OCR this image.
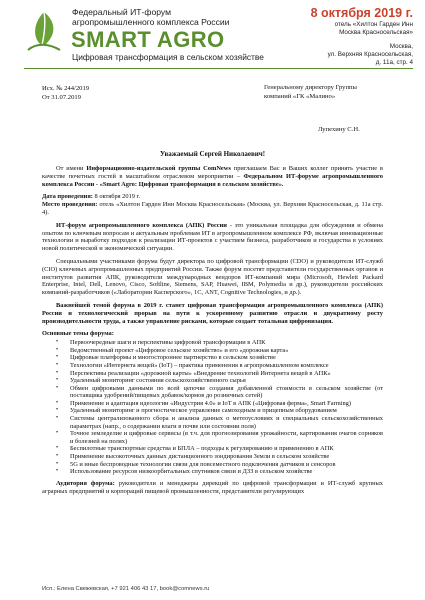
Федеральный ИТ-форум
агропромышленного комплекса России
SMART AGRO
Цифровая трансформация в сельском хозяйстве
8 октября 2019 г.
отель «Хилтон Гарден Инн
Москва Красносельская»
Москва,
ул. Верхняя Красносельская,
д. 11а, стр. 4
Исх. № 244/2019
От 31.07.2019
Генеральному директору Группы компаний «ГК «Малино»
Лупехину С.Н.
Уважаемый Сергей Николаевич!

От имени Информационно-издательской группы ComNews приглашаем Вас и Ваших коллег принять участие в качестве почетных гостей в масштабном отраслевом мероприятии – Федеральном ИТ-форуме агропромышленного комплекса России - «Smart Agro: Цифровая трансформация в сельском хозяйстве».

Дата проведения: 8 октября 2019 г.

Место проведения: отель «Хилтон Гарден Инн Москва Красносельская» (Москва, ул. Верхняя Красносельская, д. 11а стр. 4).

ИТ-форум агропромышленного комплекса (АПК) России - это уникальная площадка для обсуждения и обмена опытом по ключевым вопросам и актуальным проблемам ИТ в агропромышленном комплексе РФ, включая инновационные технологии и выработку подходов к реализации ИТ-проектов с участием бизнеса, разработчиков и государства в условиях новой политической и экономической ситуации.

Специальными участниками форума будут директора по цифровой трансформации (CDO) и руководители ИТ-служб (CIO) ключевых агропромышленных предприятий России. Также форум посетят представители государственных органов и институтов развития АПК, руководители международных вендоров ИТ-компаний мира (Microsoft, Hewlett Packard Enterprise, Intel, Dell, Lenovo, Cisco, Softline, Siemens, SAP, Huawei, IBM, Polymedia и др.), руководители российских компаний-разработчиков («Лаборатории Касперского», 1С, ANT, Cognitive Technologies, и др.).

Важнейшей темой форума в 2019 г. станет цифровая трансформация агропромышленного комплекса (АПК) России и технологический прорыв на пути к ускоренному развитию отрасли и двукратному росту производительности труда, а также управление рисками, которые создает тотальная цифровизация.

Основные темы форума:

• Первоочередные шаги и перспективы цифровой трансформации в АПК
• Ведомственный проект «Цифровое сельское хозяйство» и его «дорожная карта»
• Цифровые платформы и многостороннее партнерство в сельском хозяйстве
• Технологии «Интернета вещей» (IoT) – практика применения в агропромышленном комплексе
• Перспективы реализации «дорожной карты» «Внедрение технологий Интернета вещей в АПК»
• Удаленный мониторинг состояния сельскохозяйственного сырья
• Обмен цифровыми данными по всей цепочке создания добавленной стоимости в сельском хозяйстве (от поставщика удобрений/пищевых добавок/кормов до розничных сетей)
• Применение и адаптация идеологии «Индустрия 4.0» и IoT в АПК («Цифровая ферма», Smart Farming)
• Удаленный мониторинг и прогностическое управление самоходным и прицепным оборудованием
• Системы централизованного сбора и анализа данных о метеоусловиях и специальных сельскохозяйственных параметрах (напр., о содержании влаги в почве или состоянии поля)
• Точное земледелие и цифровые сервисы (в т.ч. для прогнозирования урожайности, картирования очагов сорняков и болезней на полях)
• Беспилотные транспортные средства и БПЛА – подходы к регулированию и применению в АПК
• Применение высокоточных данных дистанционного зондирования Земли в сельском хозяйстве
• 5G и иные беспроводные технологии связи для повсеместного подключения датчиков и сенсоров
• Использование ресурсов низкоорбитальных спутников связи и ДЗЗ в сельском хозяйстве

Аудитория форума: руководители и менеджеры дирекций по цифровой трансформации и ИТ-служб крупных аграрных предприятий и корпораций пищевой промышленности, представители регулирующих

Исп.: Елена Свежевская, +7 921 406 43 17, book@comnews.ru
